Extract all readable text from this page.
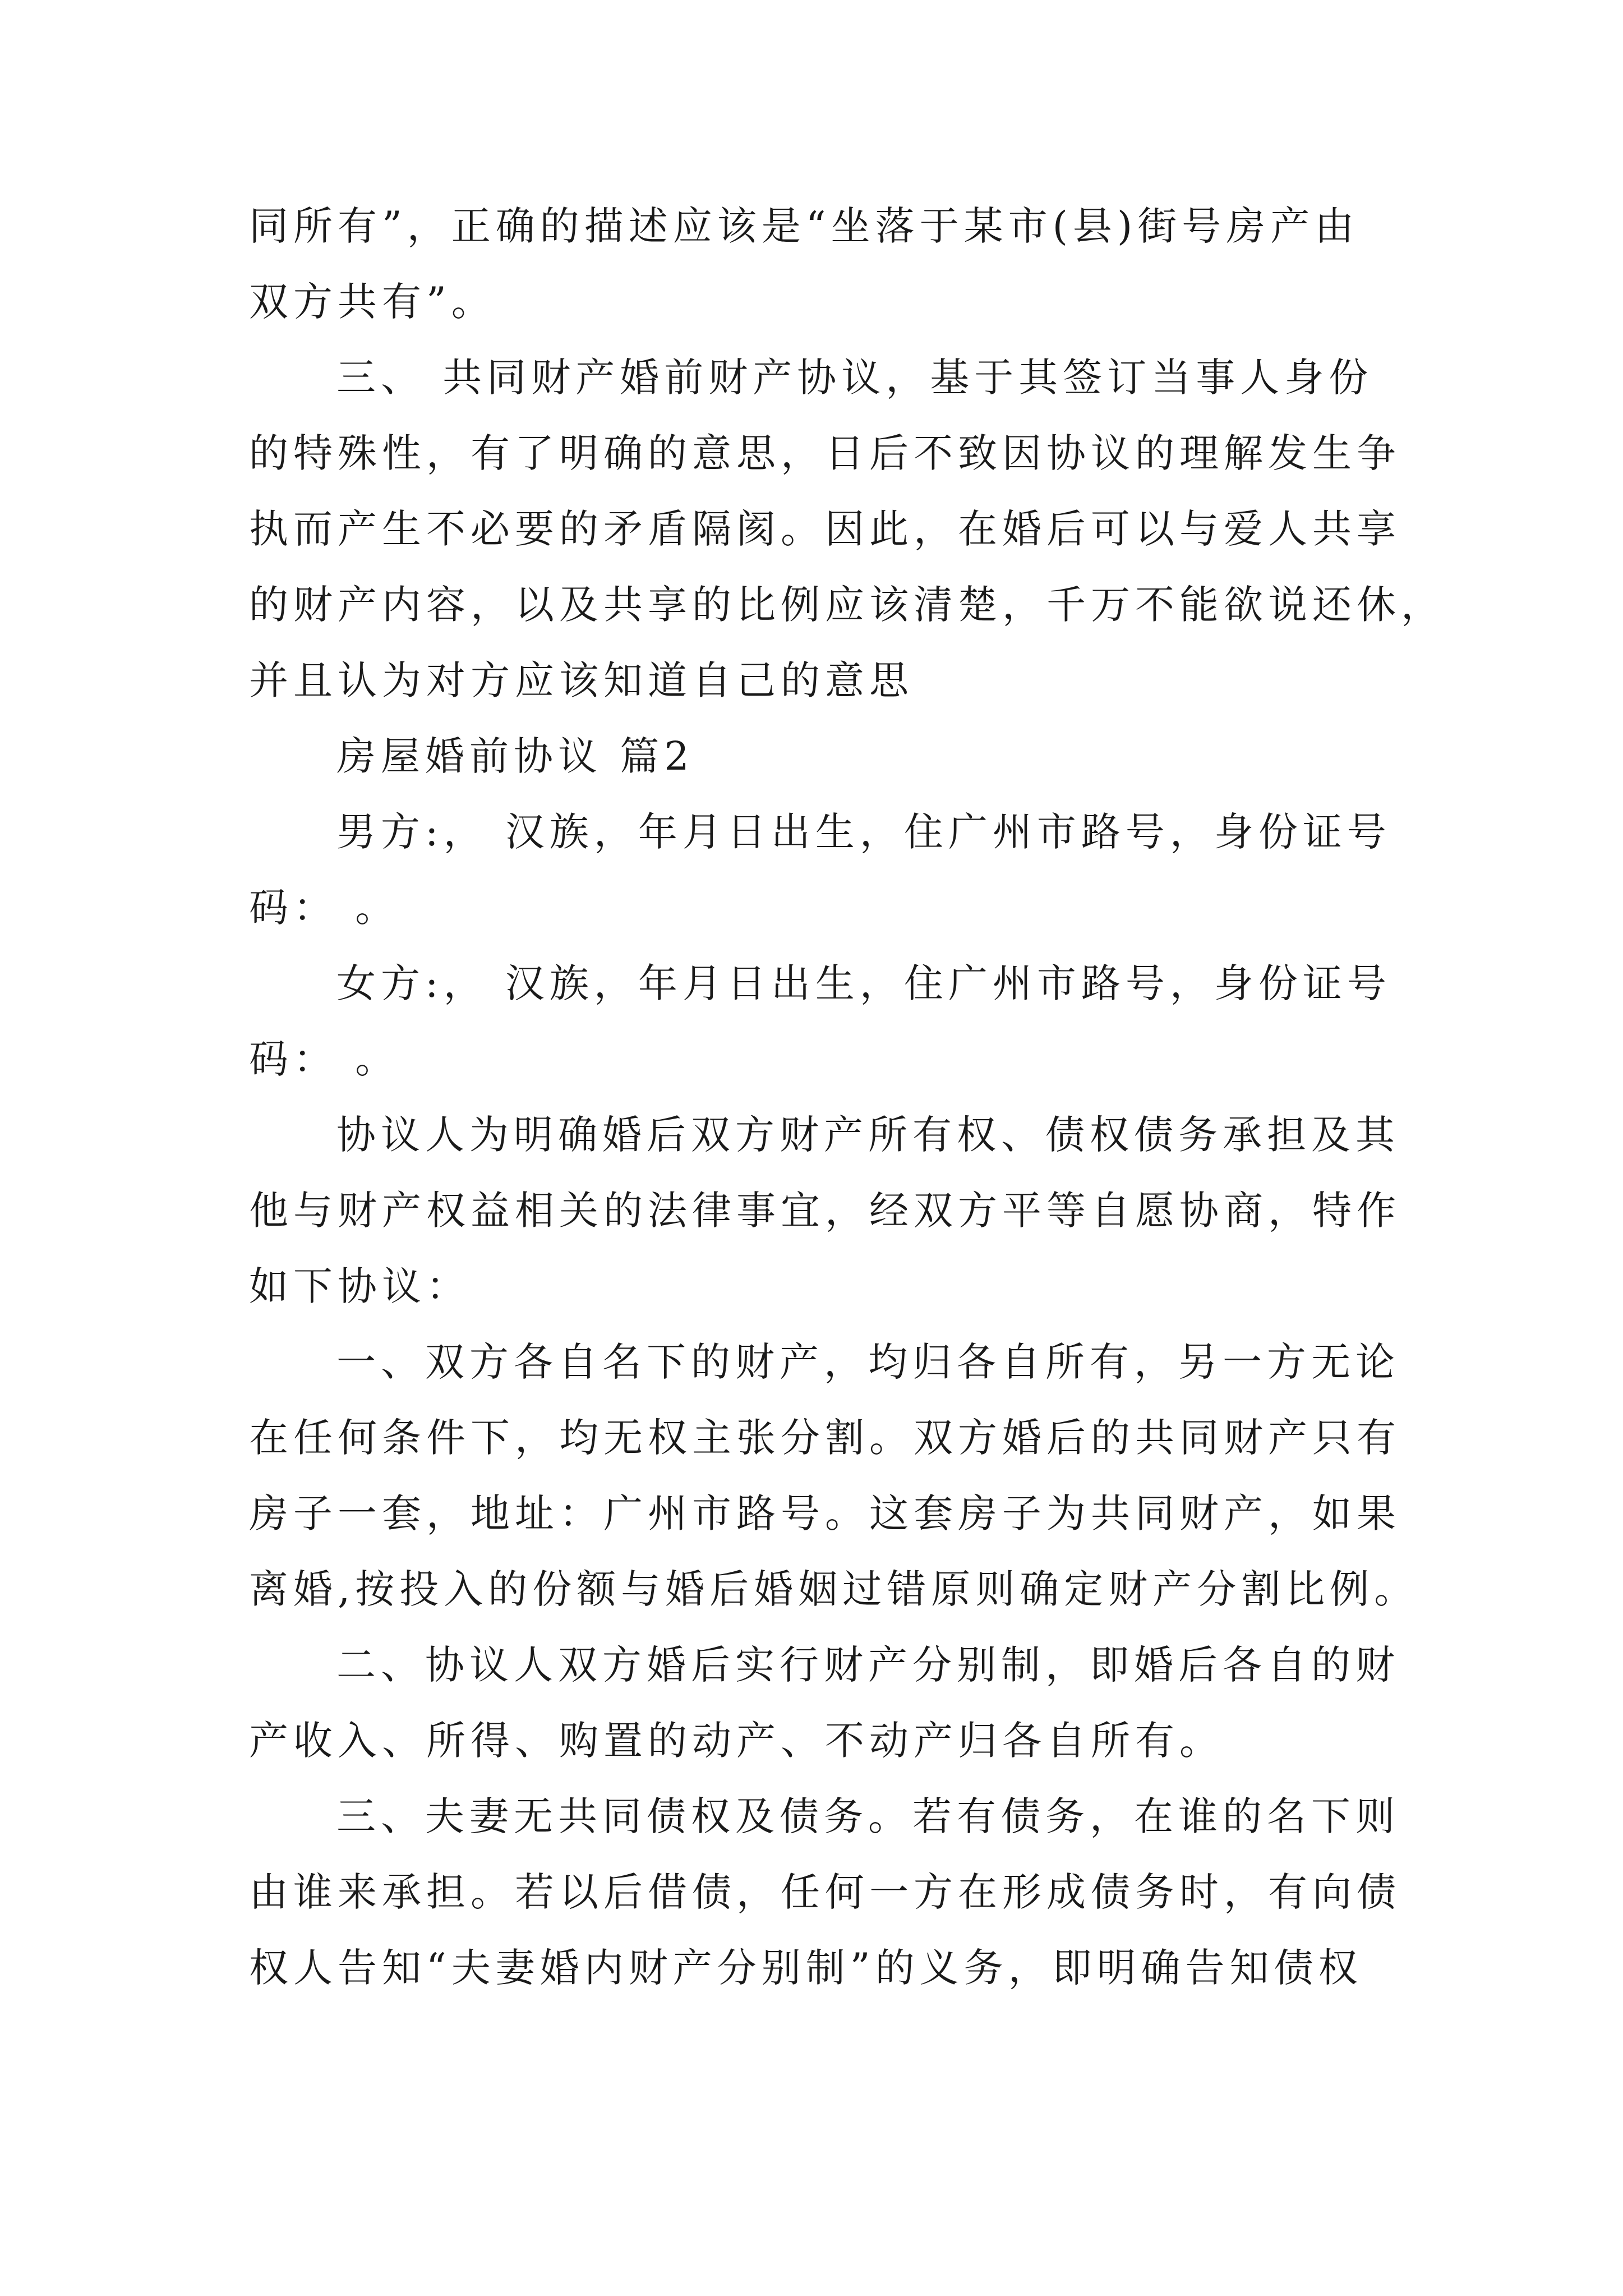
同所有”，正确的描述应该是“坐落于某市(县)街号房产由
双方共有”。
三、 共同财产婚前财产协议，基于其签订当事人身份
的特殊性，有了明确的意思，日后不致因协议的理解发生争
执而产生不必要的矛盾隔阂。因此，在婚后可以与爱人共享
的财产内容，以及共享的比例应该清楚，千万不能欲说还休，
并且认为对方应该知道自己的意思
房屋婚前协议 篇2
男方:， 汉族，年月日出生，住广州市路号，身份证号
码： 。
女方:， 汉族，年月日出生，住广州市路号，身份证号
码： 。
协议人为明确婚后双方财产所有权、债权债务承担及其
他与财产权益相关的法律事宜，经双方平等自愿协商，特作
如下协议：
一、双方各自名下的财产，均归各自所有，另一方无论
在任何条件下，均无权主张分割。双方婚后的共同财产只有
房子一套，地址：广州市路号。这套房子为共同财产，如果
离婚,按投入的份额与婚后婚姻过错原则确定财产分割比例。
二、协议人双方婚后实行财产分别制，即婚后各自的财
产收入、所得、购置的动产、不动产归各自所有。
三、夫妻无共同债权及债务。若有债务，在谁的名下则
由谁来承担。若以后借债，任何一方在形成债务时，有向债
权人告知“夫妻婚内财产分别制”的义务，即明确告知债权
